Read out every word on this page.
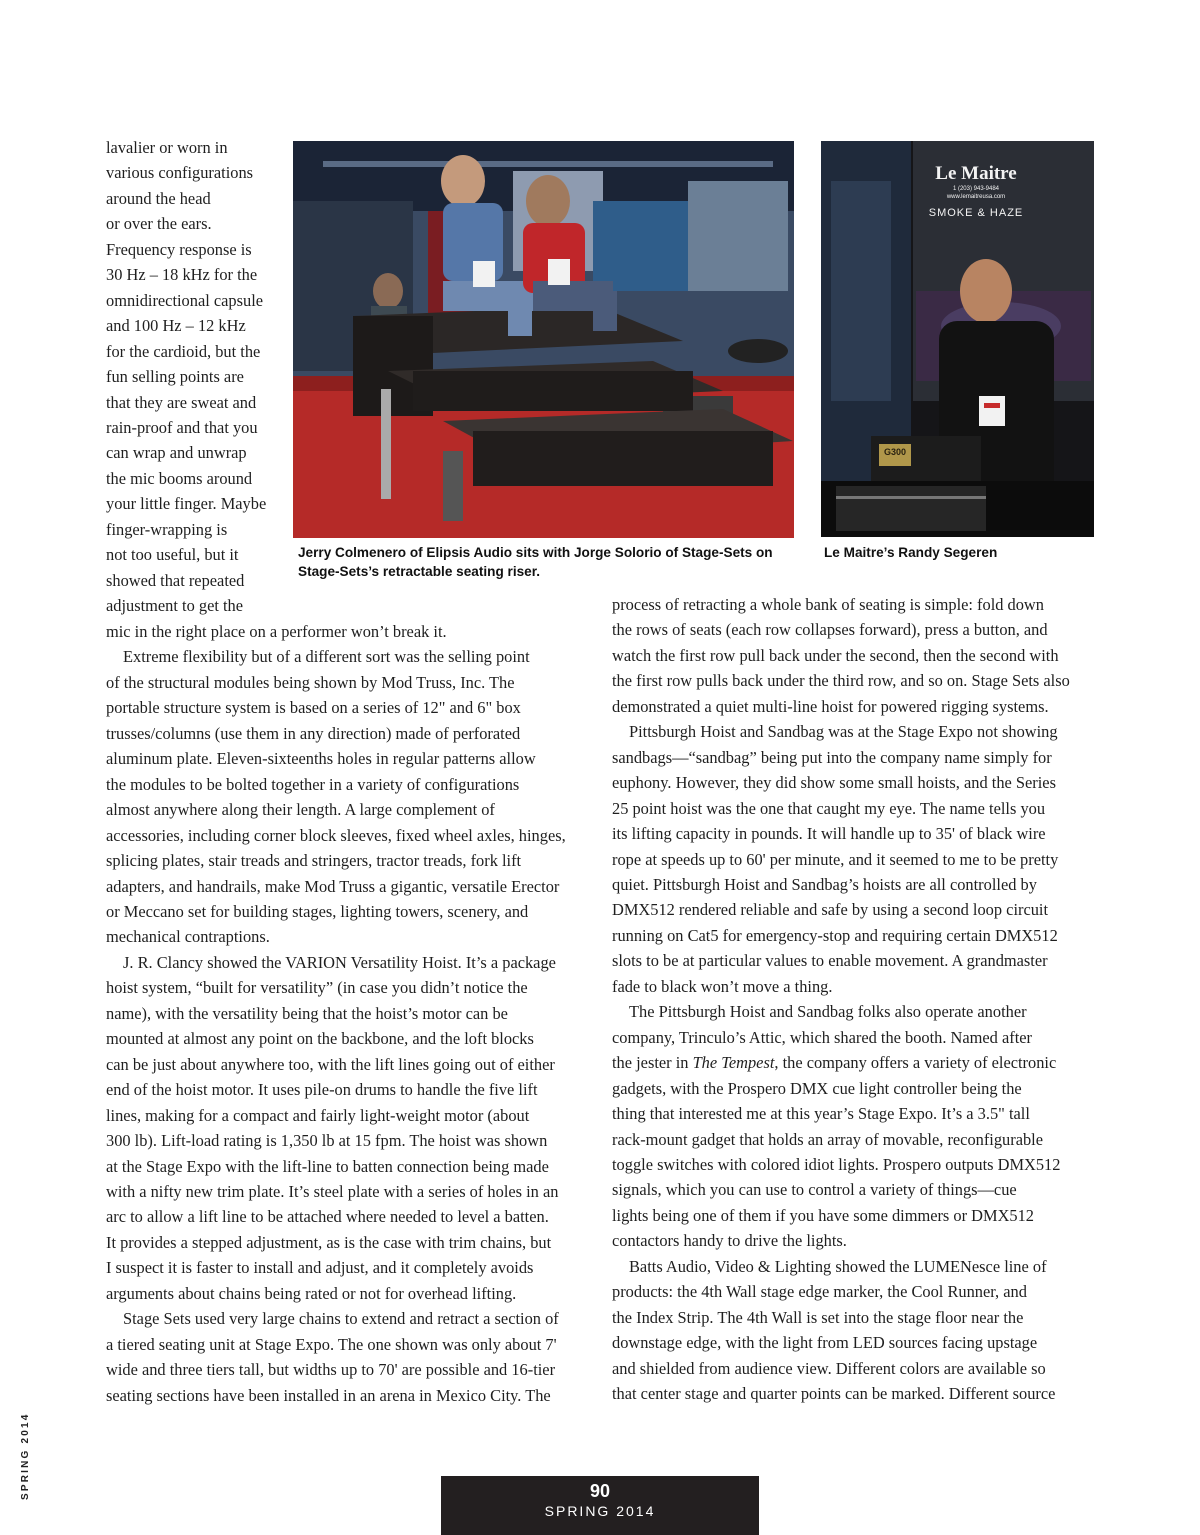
lavalier or worn in
various configurations
around the head
or over the ears.
Frequency response is
30 Hz – 18 kHz for the
omnidirectional capsule
and 100 Hz – 12 kHz
for the cardioid, but the
fun selling points are
that they are sweat and
rain-proof and that you
can wrap and unwrap
the mic booms around
your little finger. Maybe
finger-wrapping is
not too useful, but it
showed that repeated
adjustment to get the
mic in the right place on a performer won’t break it.
Extreme flexibility but of a different sort was the selling point
of the structural modules being shown by Mod Truss, Inc. The
portable structure system is based on a series of 12" and 6" box
trusses/columns (use them in any direction) made of perforated
aluminum plate. Eleven-sixteenths holes in regular patterns allow
the modules to be bolted together in a variety of configurations
almost anywhere along their length. A large complement of
accessories, including corner block sleeves, fixed wheel axles, hinges,
splicing plates, stair treads and stringers, tractor treads, fork lift
adapters, and handrails, make Mod Truss a gigantic, versatile Erector
or Meccano set for building stages, lighting towers, scenery, and
mechanical contraptions.
J. R. Clancy showed the VARION Versatility Hoist. It’s a package
hoist system, “built for versatility” (in case you didn’t notice the
name), with the versatility being that the hoist’s motor can be
mounted at almost any point on the backbone, and the loft blocks
can be just about anywhere too, with the lift lines going out of either
end of the hoist motor. It uses pile-on drums to handle the five lift
lines, making for a compact and fairly light-weight motor (about
300 lb). Lift-load rating is 1,350 lb at 15 fpm. The hoist was shown
at the Stage Expo with the lift-line to batten connection being made
with a nifty new trim plate. It’s steel plate with a series of holes in an
arc to allow a lift line to be attached where needed to level a batten.
It provides a stepped adjustment, as is the case with trim chains, but
I suspect it is faster to install and adjust, and it completely avoids
arguments about chains being rated or not for overhead lifting.
Stage Sets used very large chains to extend and retract a section of
a tiered seating unit at Stage Expo. The one shown was only about 7'
wide and three tiers tall, but widths up to 70' are possible and 16-tier
seating sections have been installed in an arena in Mexico City. The
process of retracting a whole bank of seating is simple: fold down
the rows of seats (each row collapses forward), press a button, and
watch the first row pull back under the second, then the second with
the first row pulls back under the third row, and so on. Stage Sets also
demonstrated a quiet multi-line hoist for powered rigging systems.
Pittsburgh Hoist and Sandbag was at the Stage Expo not showing
sandbags—“sandbag” being put into the company name simply for
euphony. However, they did show some small hoists, and the Series
25 point hoist was the one that caught my eye. The name tells you
its lifting capacity in pounds. It will handle up to 35' of black wire
rope at speeds up to 60' per minute, and it seemed to me to be pretty
quiet. Pittsburgh Hoist and Sandbag’s hoists are all controlled by
DMX512 rendered reliable and safe by using a second loop circuit
running on Cat5 for emergency-stop and requiring certain DMX512
slots to be at particular values to enable movement. A grandmaster
fade to black won’t move a thing.
The Pittsburgh Hoist and Sandbag folks also operate another
company, Trinculo’s Attic, which shared the booth. Named after
the jester in The Tempest, the company offers a variety of electronic
gadgets, with the Prospero DMX cue light controller being the
thing that interested me at this year’s Stage Expo. It’s a 3.5" tall
rack-mount gadget that holds an array of movable, reconfigurable
toggle switches with colored idiot lights. Prospero outputs DMX512
signals, which you can use to control a variety of things—cue
lights being one of them if you have some dimmers or DMX512
contactors handy to drive the lights.
Batts Audio, Video & Lighting showed the LUMENesce line of
products: the 4th Wall stage edge marker, the Cool Runner, and
the Index Strip. The 4th Wall is set into the stage floor near the
downstage edge, with the light from LED sources facing upstage
and shielded from audience view. Different colors are available so
that center stage and quarter points can be marked. Different source
Le Maitre
1 (203) 943-9484
www.lemaitreusa.com
SMOKE & HAZE
G300
Jerry Colmenero of Elipsis Audio sits with Jorge Solorio of Stage-Sets on Stage-Sets’s retractable seating riser.
Le Maitre’s Randy Segeren
SPRING 2014	90
SPRING 2014
